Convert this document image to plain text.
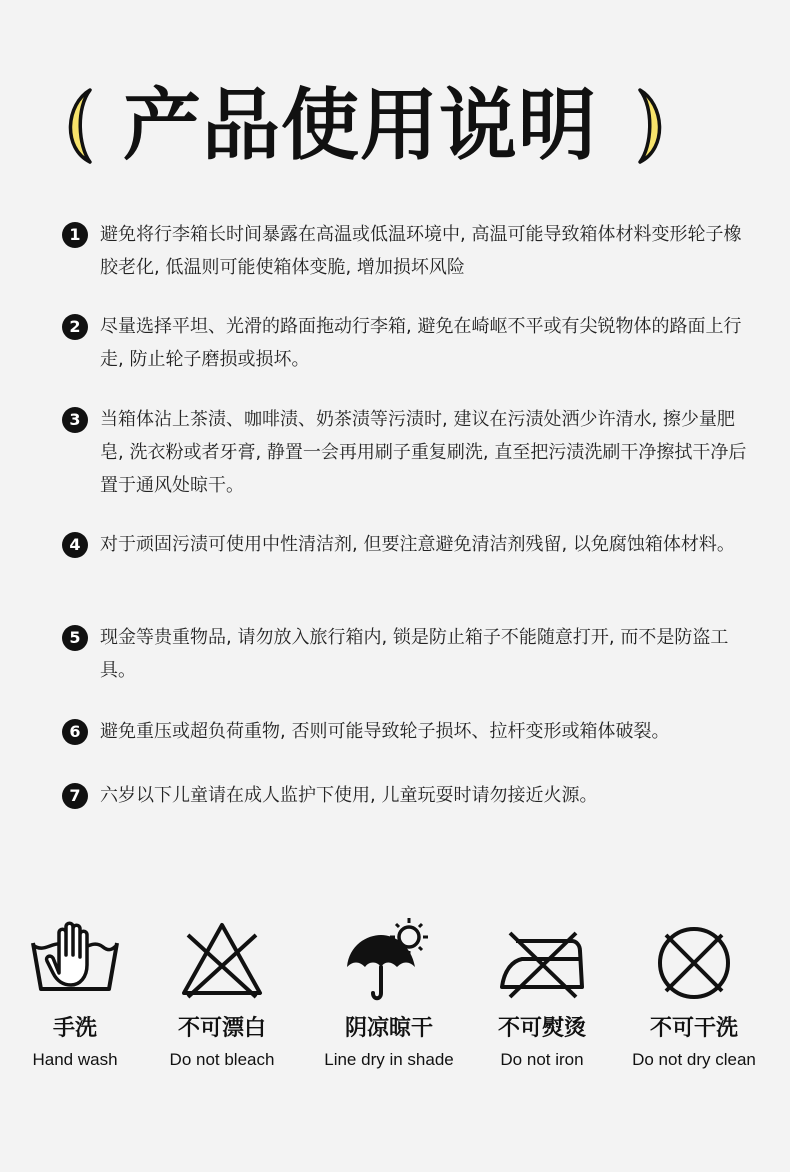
产品使用说明
1	避免将行李箱长时间暴露在高温或低温环境中, 高温可能导致箱体材料变形轮子橡胶老化, 低温则可能使箱体变脆, 增加损坏风险
2	尽量选择平坦、光滑的路面拖动行李箱, 避免在崎岖不平或有尖锐物体的路面上行走, 防止轮子磨损或损坏。
3	当箱体沾上茶渍、咖啡渍、奶茶渍等污渍时, 建议在污渍处洒少许清水, 擦少量肥皂, 洗衣粉或者牙膏, 静置一会再用刷子重复刷洗, 直至把污渍洗刷干净擦拭干净后置于通风处晾干。
4	对于顽固污渍可使用中性清洁剂, 但要注意避免清洁剂残留, 以免腐蚀箱体材料。
5	现金等贵重物品, 请勿放入旅行箱内, 锁是防止箱子不能随意打开, 而不是防盗工具。
6	避免重压或超负荷重物, 否则可能导致轮子损坏、拉杆变形或箱体破裂。
7	六岁以下儿童请在成人监护下使用, 儿童玩耍时请勿接近火源。
手洗
Hand wash
不可漂白
Do not bleach
阴凉晾干
Line dry in shade
不可熨烫
Do not iron
不可干洗
Do not dry clean
